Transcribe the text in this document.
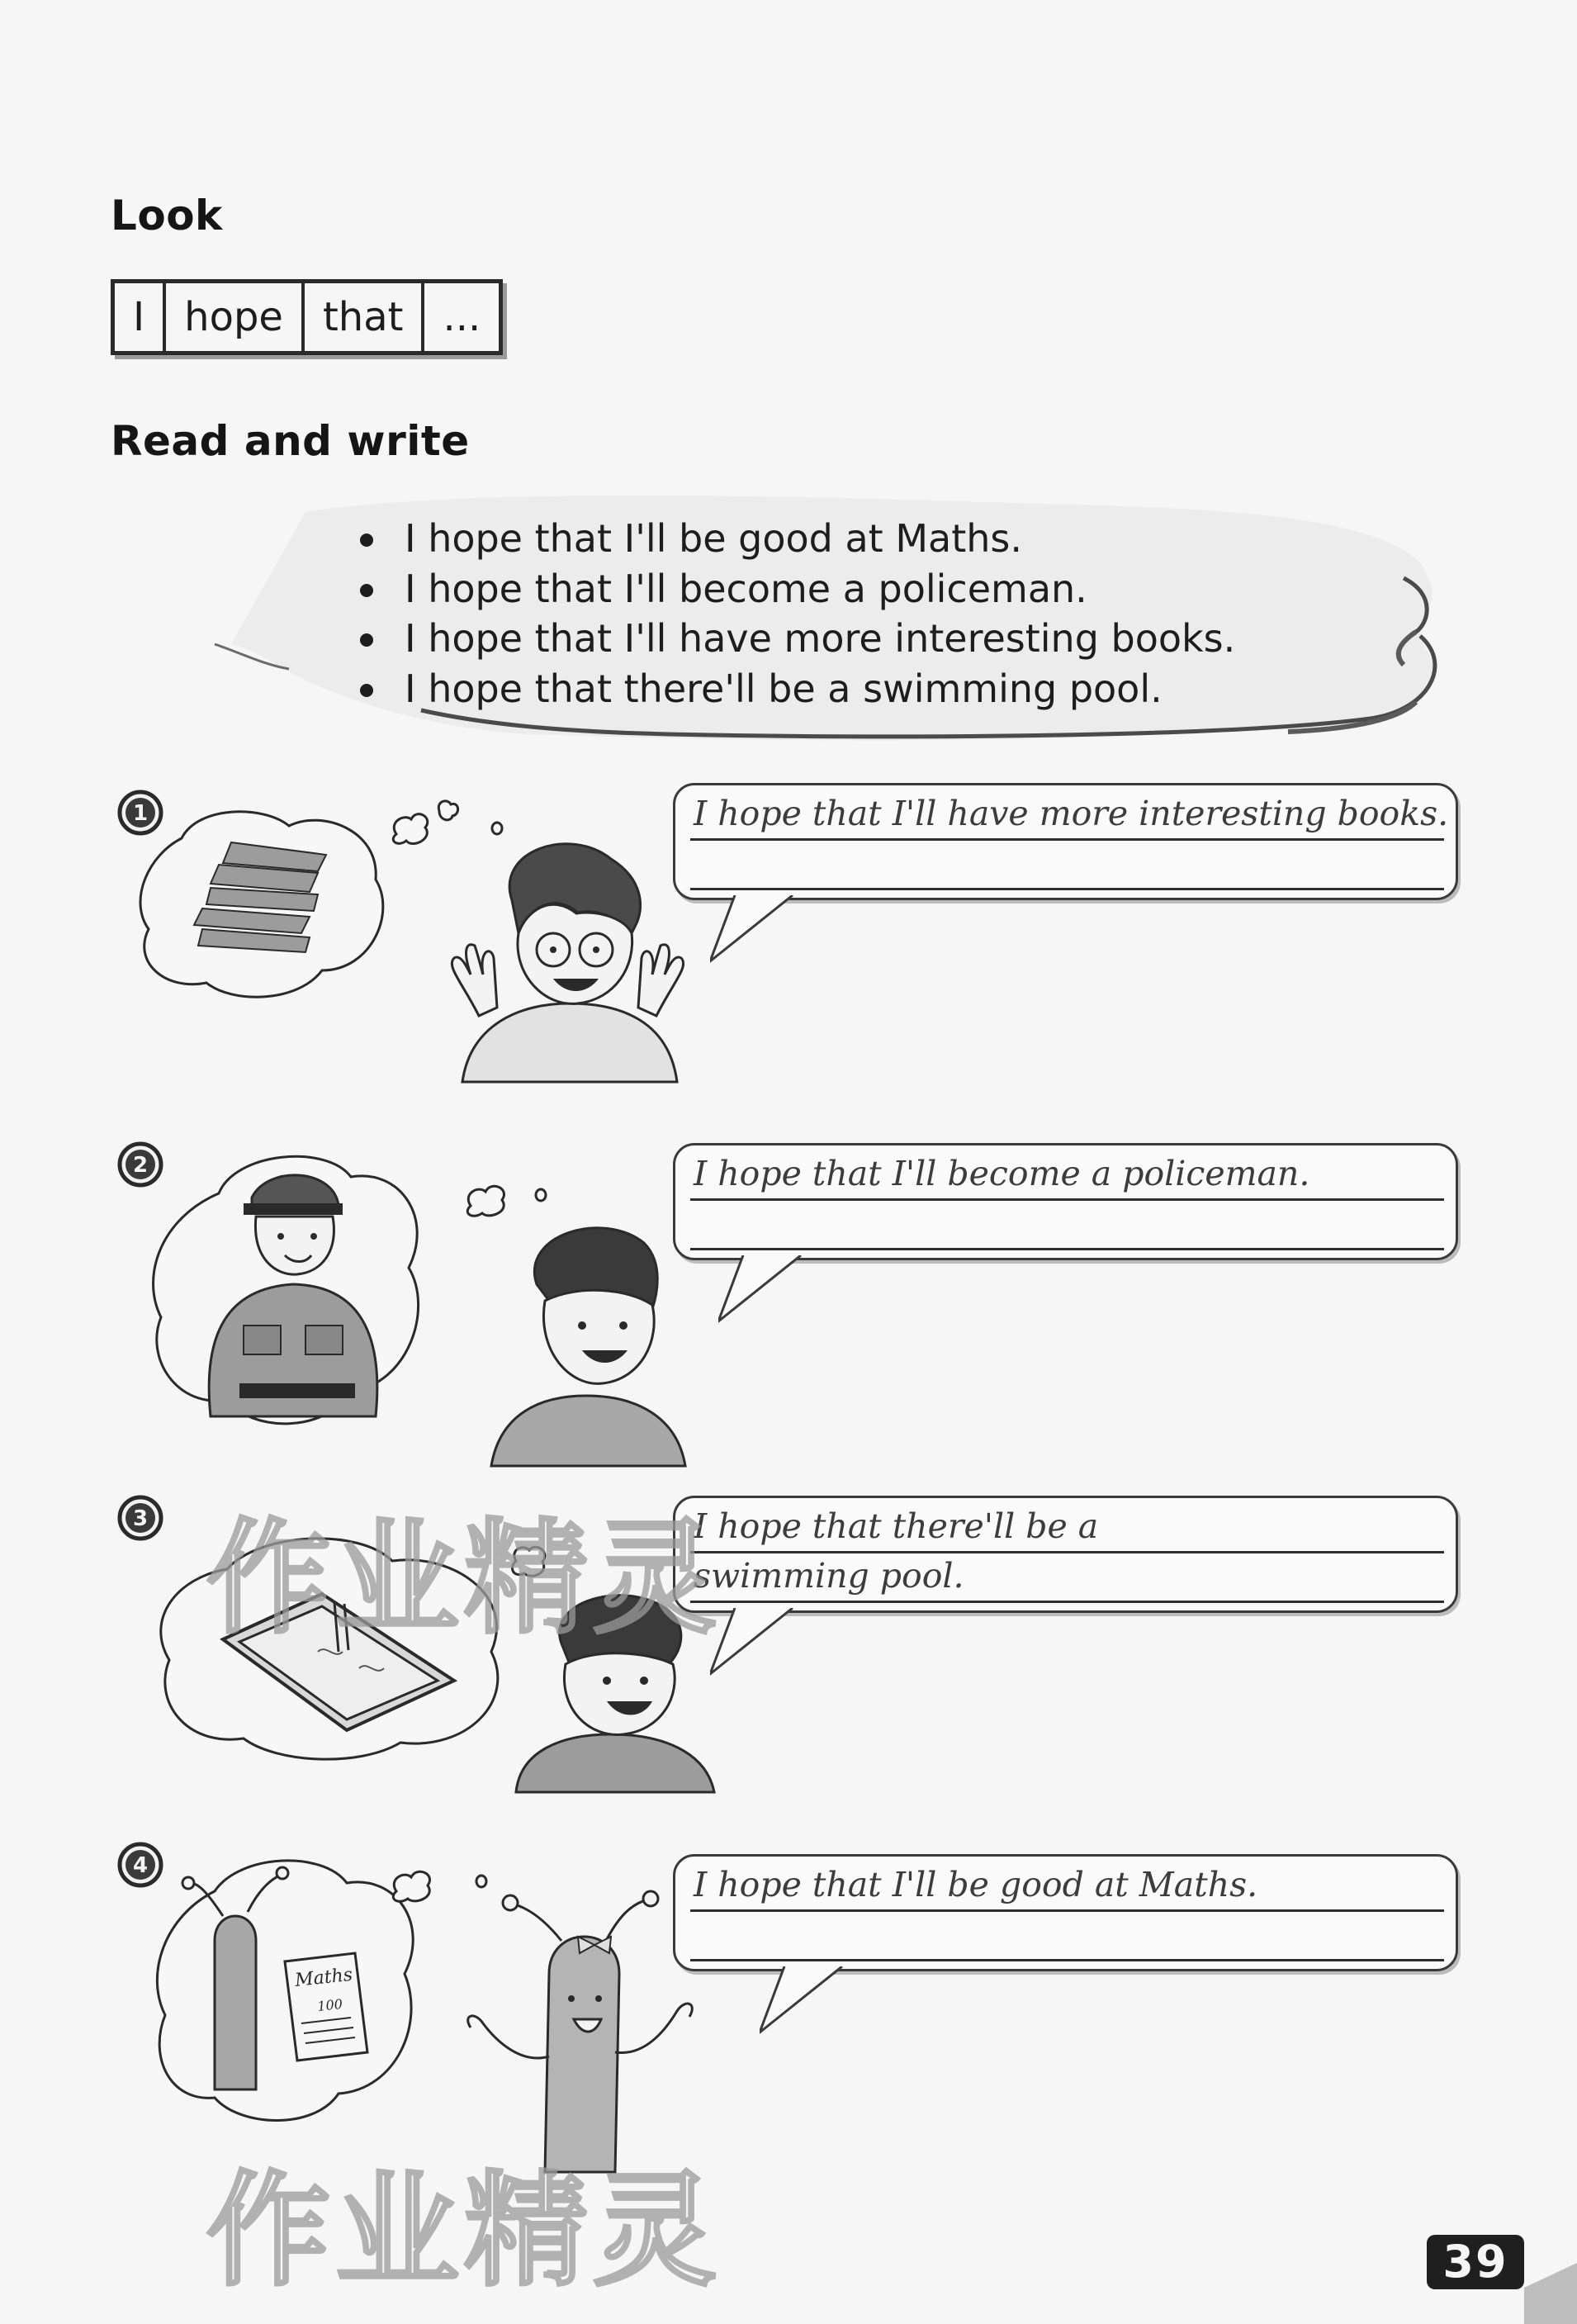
Look
I	hope	that	...
Read and write
I hope that I'll be good at Maths.
I hope that I'll become a policeman.
I hope that I'll have more interesting books.
I hope that there'll be a swimming pool.
1	I hope that I'll have more interesting books.
2	I hope that I'll become a policeman.
3	I hope that there'll be a
swimming pool.
4
Maths
100
I hope that I'll be good at Maths.
作业精灵
作业精灵	39
